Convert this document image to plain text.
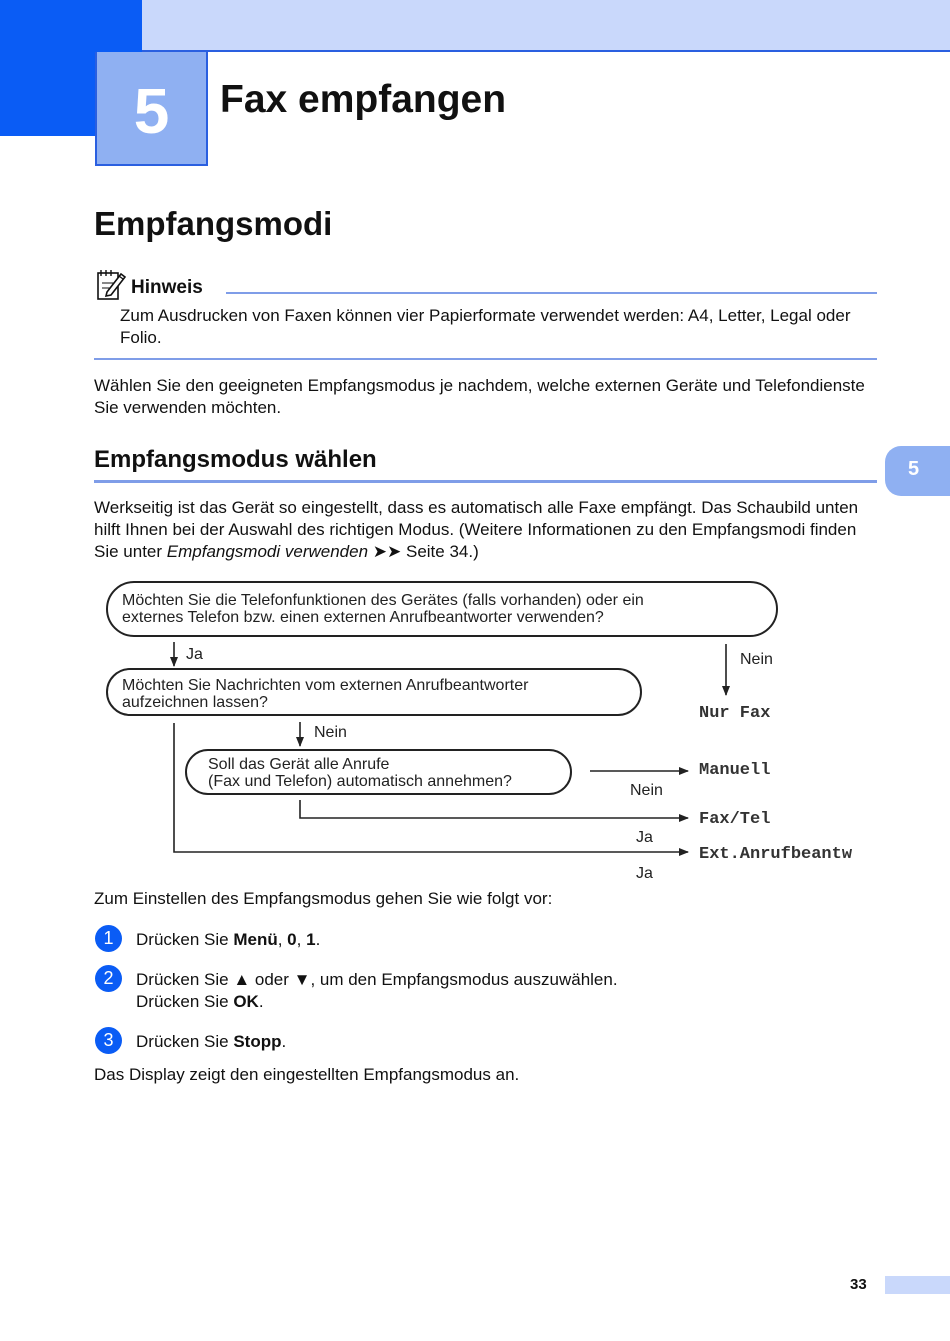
5	Fax empfangen
Empfangsmodi
Hinweis
Zum Ausdrucken von Faxen können vier Papierformate verwendet werden: A4, Letter, Legal oder Folio.
Wählen Sie den geeigneten Empfangsmodus je nachdem, welche externen Geräte und Telefondienste Sie verwenden möchten.
Empfangsmodus wählen	5
Werkseitig ist das Gerät so eingestellt, dass es automatisch alle Faxe empfängt. Das Schaubild unten hilft Ihnen bei der Auswahl des richtigen Modus. (Weitere Informationen zu den Empfangsmodi finden Sie unter Empfangsmodi verwenden ➤➤ Seite 34.)
Möchten Sie die Telefonfunktionen des Gerätes (falls vorhanden) oder ein
externes Telefon bzw. einen externen Anrufbeantworter verwenden?
Ja	Nein
Nur Fax
Möchten Sie Nachrichten vom externen Anrufbeantworter
aufzeichnen lassen?
Nein
Soll das Gerät alle Anrufe
(Fax und Telefon) automatisch annehmen?
Nein
Manuell
Ja
Fax/Tel
Ja
Ext.Anrufbeantw
Zum Einstellen des Empfangsmodus gehen Sie wie folgt vor:
1	Drücken Sie Menü, 0, 1.
2	Drücken Sie ▲ oder ▼, um den Empfangsmodus auszuwählen.
Drücken Sie OK.
3	Drücken Sie Stopp.
Das Display zeigt den eingestellten Empfangsmodus an.
33
